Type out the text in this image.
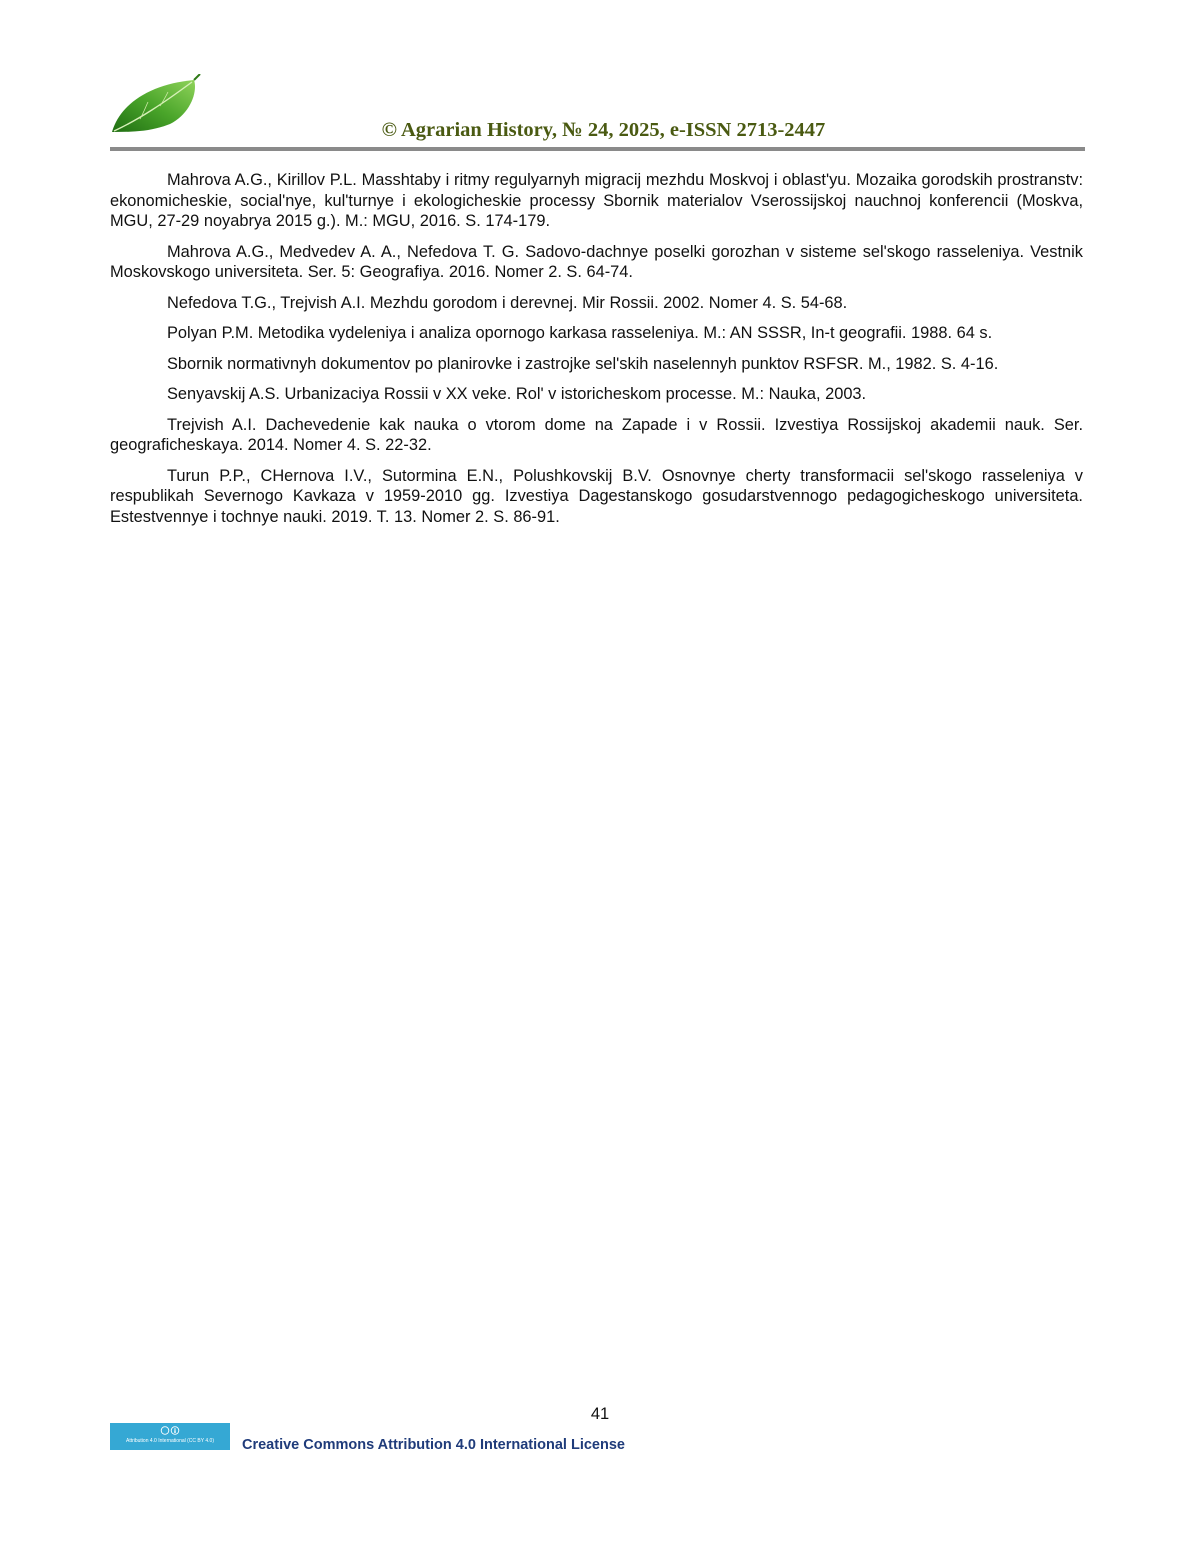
© Agrarian History, № 24, 2025, e-ISSN 2713-2447

Mahrova A.G., Kirillov P.L. Masshtaby i ritmy regulyarnyh migracij mezhdu Moskvoj i oblast'yu. Mozaika gorodskih prostranstv: ekonomicheskie, social'nye, kul'turnye i ekologicheskie processy Sbornik materialov Vserossijskoj nauchnoj konferencii (Moskva, MGU, 27-29 noyabrya 2015 g.). M.: MGU, 2016. S. 174-179.

Mahrova A.G., Medvedev A. A., Nefedova T. G. Sadovo-dachnye poselki gorozhan v sisteme sel'skogo rasseleniya. Vestnik Moskovskogo universiteta. Ser. 5: Geografiya. 2016. Nomer 2. S. 64-74.

Nefedova T.G., Trejvish A.I. Mezhdu gorodom i derevnej. Mir Rossii. 2002. Nomer 4. S. 54-68.

Polyan P.M. Metodika vydeleniya i analiza opornogo karkasa rasseleniya. M.: AN SSSR, In-t geografii. 1988. 64 s.

Sbornik normativnyh dokumentov po planirovke i zastrojke sel'skih naselennyh punktov RSFSR. M., 1982. S. 4-16.

Senyavskij A.S. Urbanizaciya Rossii v XX veke. Rol' v istoricheskom processe. M.: Nauka, 2003.

Trejvish A.I. Dachevedenie kak nauka o vtorom dome na Zapade i v Rossii. Izvestiya Rossijskoj akademii nauk. Ser. geograficheskaya. 2014. Nomer 4. S. 22-32.

Turun P.P., CHernova I.V., Sutormina E.N., Polushkovskij B.V. Osnovnye cherty transformacii sel'skogo rasseleniya v respublikah Severnogo Kavkaza v 1959-2010 gg. Izvestiya Dagestanskogo gosudarstvennogo pedagogicheskogo universiteta. Estestvennye i tochnye nauki. 2019. T. 13. Nomer 2. S. 86-91.

41
Attribution 4.0 International (CC BY 4.0)	Creative Commons Attribution 4.0 International License
